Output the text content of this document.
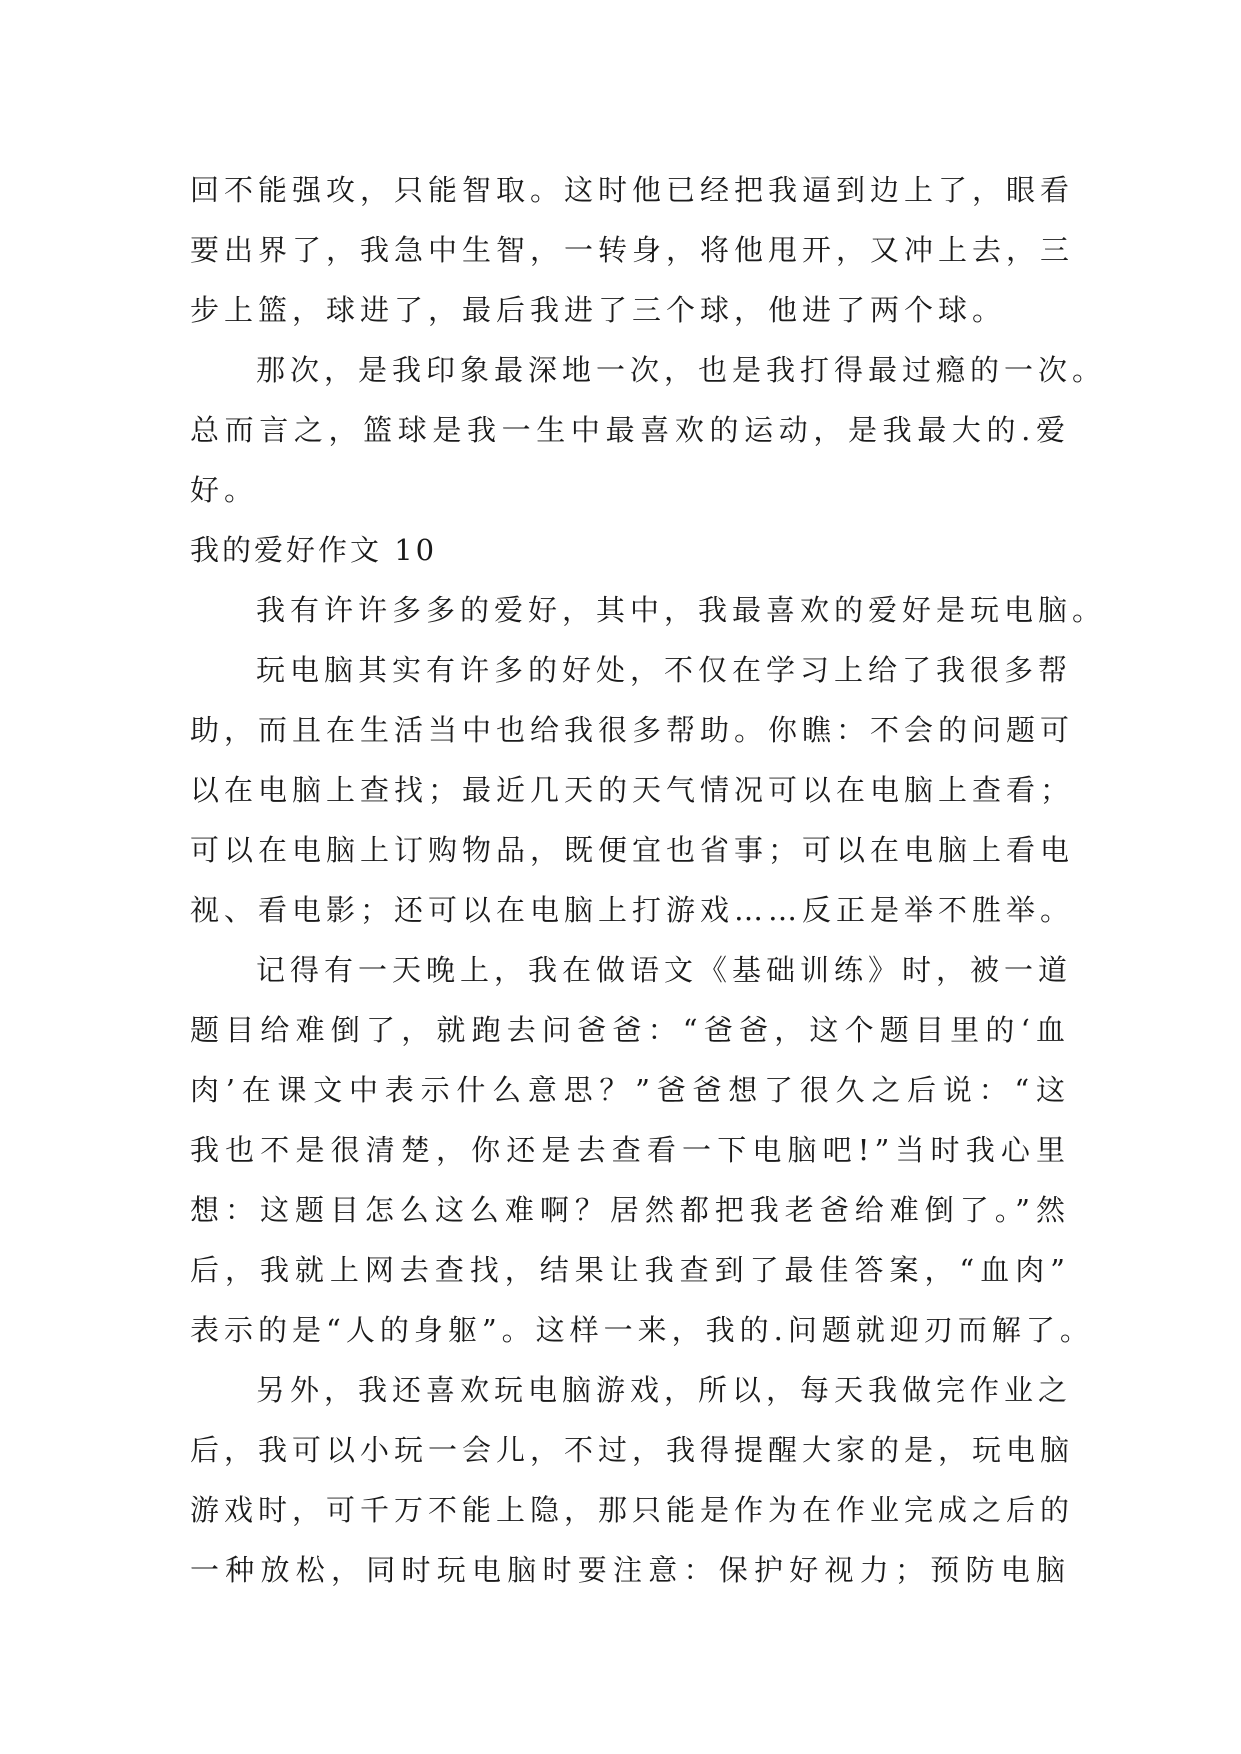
回不能强攻，只能智取。这时他已经把我逼到边上了，眼看
要出界了，我急中生智，一转身，将他甩开，又冲上去，三
步上篮，球进了，最后我进了三个球，他进了两个球。
那次，是我印象最深地一次，也是我打得最过瘾的一次。
总而言之，篮球是我一生中最喜欢的运动，是我最大的.爱
好。
我的爱好作文 10
我有许许多多的爱好，其中，我最喜欢的爱好是玩电脑。
玩电脑其实有许多的好处，不仅在学习上给了我很多帮
助，而且在生活当中也给我很多帮助。你瞧：不会的问题可
以在电脑上查找；最近几天的天气情况可以在电脑上查看；
可以在电脑上订购物品，既便宜也省事；可以在电脑上看电
视、看电影；还可以在电脑上打游戏……反正是举不胜举。
记得有一天晚上，我在做语文《基础训练》时，被一道
题目给难倒了，就跑去问爸爸：“爸爸，这个题目里的‘血
肉’在课文中表示什么意思？”爸爸想了很久之后说：“这
我也不是很清楚，你还是去查看一下电脑吧!”当时我心里
想：这题目怎么这么难啊？居然都把我老爸给难倒了。”然
后，我就上网去查找，结果让我查到了最佳答案，“血肉”
表示的是“人的身躯”。这样一来，我的.问题就迎刃而解了。
另外，我还喜欢玩电脑游戏，所以，每天我做完作业之
后，我可以小玩一会儿，不过，我得提醒大家的是，玩电脑
游戏时，可千万不能上隐，那只能是作为在作业完成之后的
一种放松，同时玩电脑时要注意：保护好视力；预防电脑
